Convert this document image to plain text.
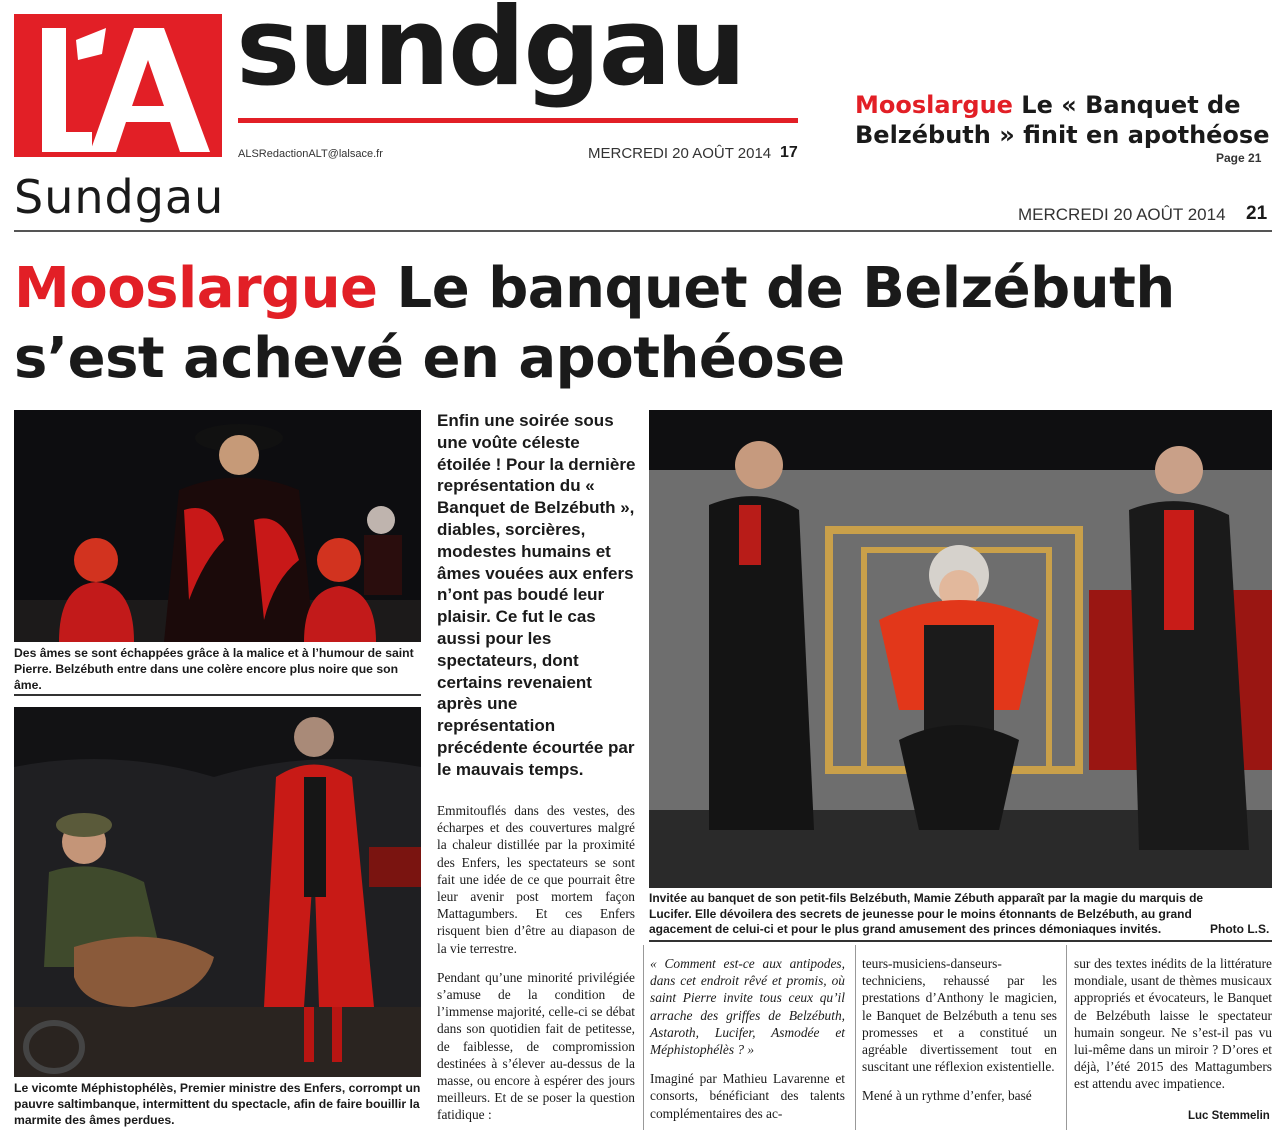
sundgau
ALSRedactionALT@lalsace.fr	MERCREDI 20 AOÛT 2014 17
Mooslargue Le « Banquet de Belzébuth » finit en apothéose
Page 21
Sundgau	MERCREDI 20 AOÛT 2014 21
Mooslargue Le banquet de Belzébuth s’est achevé en apothéose
Des âmes se sont échappées grâce à la malice et à l’humour de saint Pierre. Belzébuth entre dans une colère encore plus noire que son âme.
Le vicomte Méphistophélès, Premier ministre des Enfers, corrompt un pauvre saltimbanque, intermittent du spectacle, afin de faire bouillir la marmite des âmes perdues.
Invitée au banquet de son petit-fils Belzébuth, Mamie Zébuth apparaît par la magie du marquis de Lucifer. Elle dévoilera des secrets de jeunesse pour le moins étonnants de Belzébuth, au grand agacement de celui-ci et pour le plus grand amusement des princes démoniaques invités.	Photo L.S.
Enfin une soirée sous une voûte céleste étoilée ! Pour la dernière représentation du « Banquet de Belzébuth », diables, sorcières, modestes humains et âmes vouées aux enfers n’ont pas boudé leur plaisir. Ce fut le cas aussi pour les spectateurs, dont certains revenaient après une représentation précédente écourtée par le mauvais temps.

Emmitouflés dans des vestes, des écharpes et des couvertures malgré la chaleur distillée par la proximité des Enfers, les spectateurs se sont fait une idée de ce que pourrait être leur avenir post mortem façon Mattagumbers. Et ces Enfers risquent bien d’être au diapason de la vie terrestre.

Pendant qu’une minorité privilégiée s’amuse de la condition de l’immense majorité, celle-ci se débat dans son quotidien fait de petitesse, de faiblesse, de compromission destinées à s’élever au-dessus de la masse, ou encore à espérer des jours meilleurs. Et de se poser la question fatidique :

« Comment est-ce aux antipodes, dans cet endroit rêvé et promis, où saint Pierre invite tous ceux qu’il arrache des griffes de Belzébuth, Astaroth, Lucifer, Asmodée et Méphistophélès ? »

Imaginé par Mathieu Lavarenne et consorts, bénéficiant des talents complémentaires des ac-

teurs-musiciens-danseurs-techniciens, rehaussé par les prestations d’Anthony le magicien, le Banquet de Belzébuth a tenu ses promesses et a constitué un agréable divertissement tout en suscitant une réflexion existentielle.

Mené à un rythme d’enfer, basé

sur des textes inédits de la littérature mondiale, usant de thèmes musicaux appropriés et évocateurs, le Banquet de Belzébuth laisse le spectateur humain songeur. Ne s’est-il pas vu lui-même dans un miroir ? D’ores et déjà, l’été 2015 des Mattagumbers est attendu avec impatience.

Luc Stemmelin
